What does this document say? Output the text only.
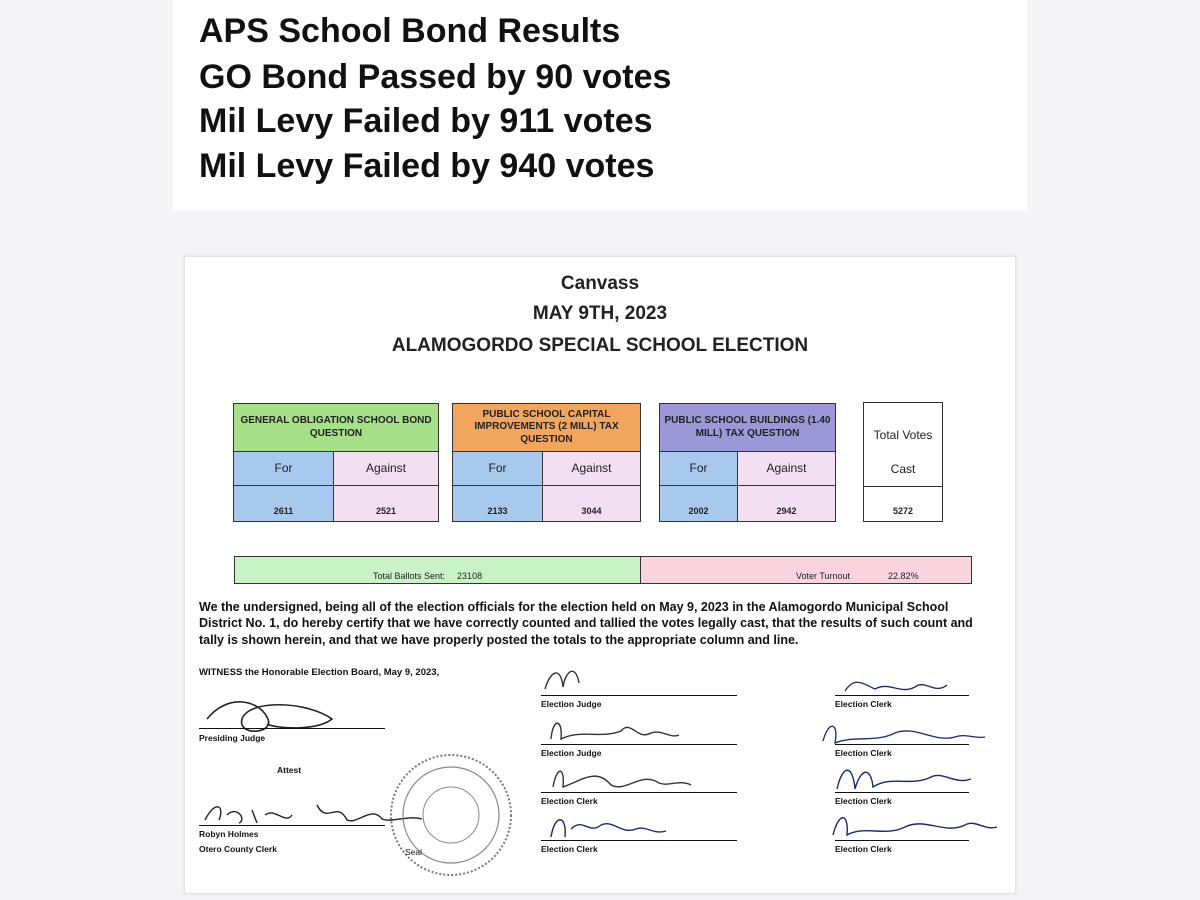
APS School Bond Results
GO Bond Passed by 90 votes
Mil Levy Failed by 911 votes
Mil Levy Failed by 940 votes
Canvass
MAY 9TH, 2023
ALAMOGORDO SPECIAL SCHOOL ELECTION
GENERAL OBLIGATION SCHOOL BOND QUESTION
For	Against
2611	2521
PUBLIC SCHOOL CAPITAL IMPROVEMENTS (2 MILL) TAX QUESTION
For	Against
2133	3044
PUBLIC SCHOOL BUILDINGS (1.40 MILL) TAX QUESTION
For	Against
2002	2942
Total Votes
Cast
5272
Total Ballots Sent: 23108	Voter Turnout	22.82%
We the undersigned, being all of the election officials for the election held on May 9, 2023 in the Alamogordo Municipal School District No. 1, do hereby certify that we have correctly counted and tallied the votes legally cast, that the results of such count and tally is shown herein, and that we have properly posted the totals to the appropriate column and line.
WITNESS the Honorable Election Board, May 9, 2023,
Presiding Judge
Attest
Robyn Holmes
Otero County Clerk	Seal
Election Judge
Election Judge
Election Clerk
Election Clerk
Election Clerk
Election Clerk
Election Clerk
Election Clerk
